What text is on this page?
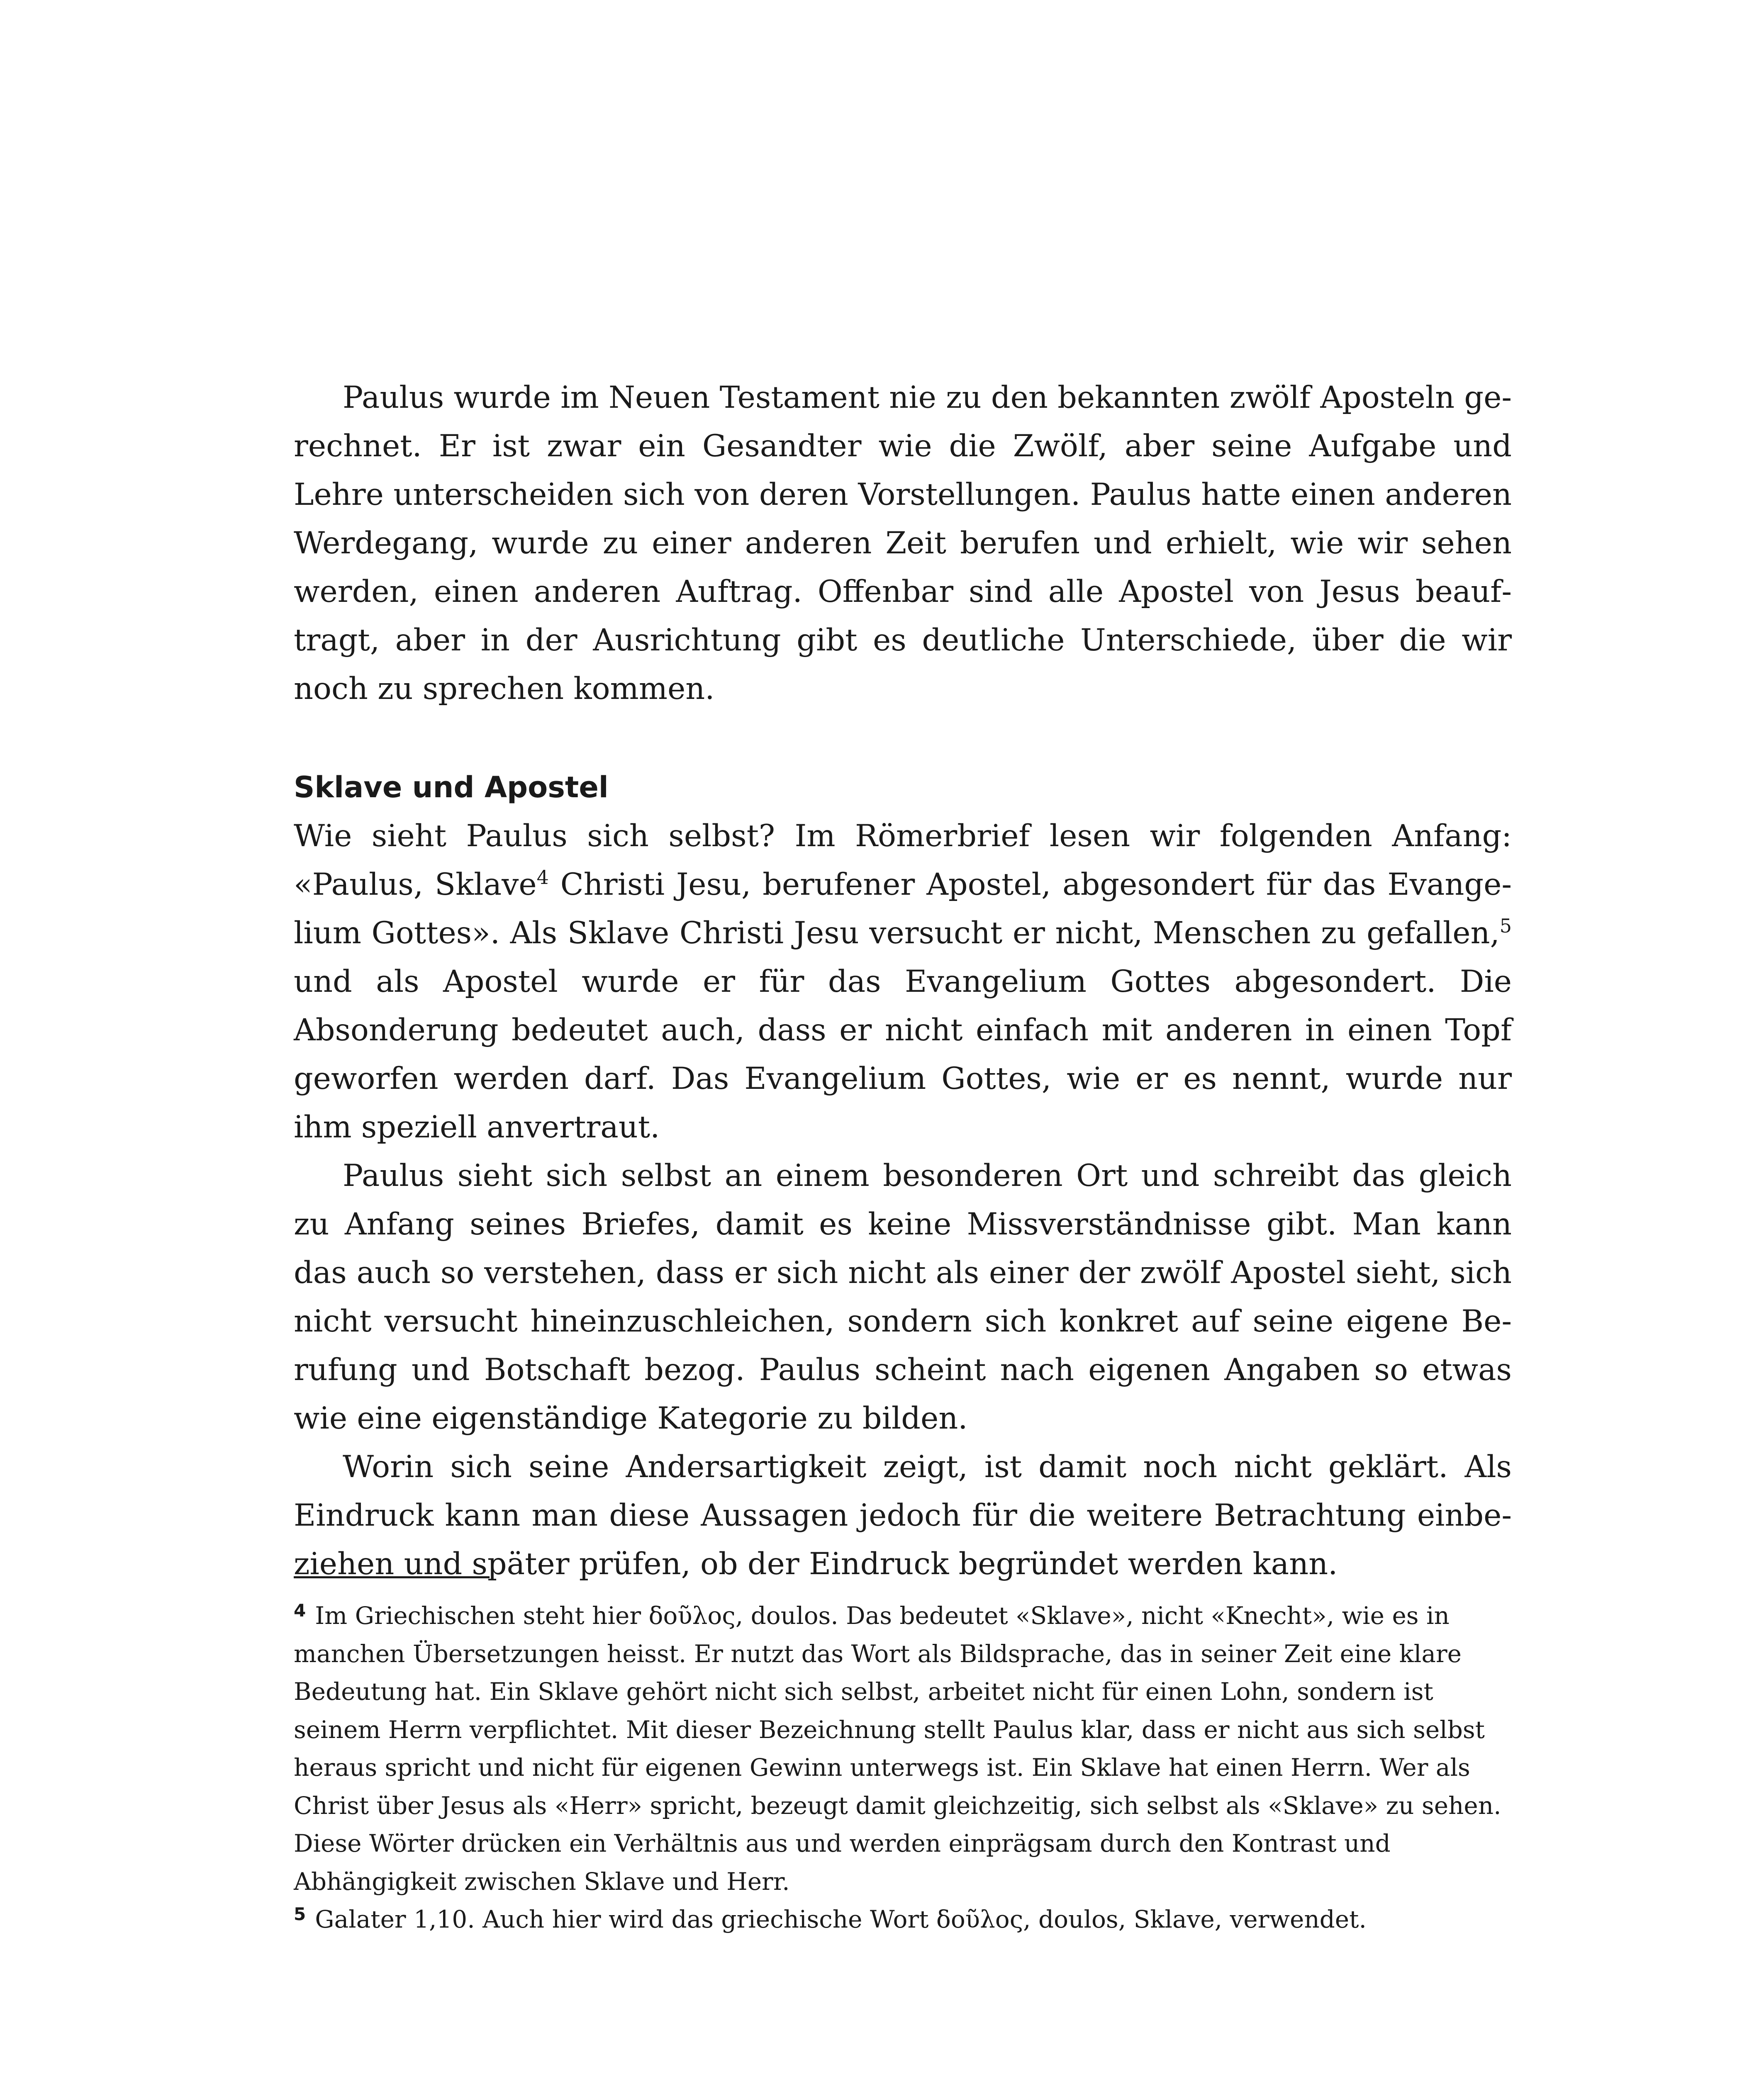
Paulus wurde im Neuen Testament nie zu den bekannten zwölf Aposteln gerechnet. Er ist zwar ein Gesandter wie die Zwölf, aber seine Aufgabe und Lehre unterscheiden sich von deren Vorstellungen. Paulus hatte einen anderen Werdegang, wurde zu einer anderen Zeit berufen und erhielt, wie wir sehen werden, einen anderen Auftrag. Offenbar sind alle Apostel von Jesus beauftragt, aber in der Ausrichtung gibt es deutliche Unterschiede, über die wir noch zu sprechen kommen.

Sklave und Apostel

Wie sieht Paulus sich selbst? Im Römerbrief lesen wir folgenden Anfang: «Paulus, Sklave$^4$ Christi Jesu, berufener Apostel, abgesondert für das Evangelium Gottes». Als Sklave Christi Jesu versucht er nicht, Menschen zu gefallen,$^5$ und als Apostel wurde er für das Evangelium Gottes abgesondert. Die Absonderung bedeutet auch, dass er nicht einfach mit anderen in einen Topf geworfen werden darf. Das Evangelium Gottes, wie er es nennt, wurde nur ihm speziell anvertraut.

Paulus sieht sich selbst an einem besonderen Ort und schreibt das gleich zu Anfang seines Briefes, damit es keine Missverständnisse gibt. Man kann das auch so verstehen, dass er sich nicht als einer der zwölf Apostel sieht, sich nicht versucht hineinzuschleichen, sondern sich konkret auf seine eigene Berufung und Botschaft bezog. Paulus scheint nach eigenen Angaben so etwas wie eine eigenständige Kategorie zu bilden.

Worin sich seine Andersartigkeit zeigt, ist damit noch nicht geklärt. Als Eindruck kann man diese Aussagen jedoch für die weitere Betrachtung einbeziehen und später prüfen, ob der Eindruck begründet werden kann.

$^4$ Im Griechischen steht hier δοῦλος, doulos. Das bedeutet «Sklave», nicht «Knecht», wie es in manchen Übersetzungen heisst. Er nutzt das Wort als Bildsprache, das in seiner Zeit eine klare Bedeutung hat. Ein Sklave gehört nicht sich selbst, arbeitet nicht für einen Lohn, sondern ist seinem Herrn verpflichtet. Mit dieser Bezeichnung stellt Paulus klar, dass er nicht aus sich selbst heraus spricht und nicht für eigenen Gewinn unterwegs ist. Ein Sklave hat einen Herrn. Wer als Christ über Jesus als «Herr» spricht, bezeugt damit gleichzeitig, sich selbst als «Sklave» zu sehen. Diese Wörter drücken ein Verhältnis aus und werden einprägsam durch den Kontrast und Abhängigkeit zwischen Sklave und Herr.

$^5$ Galater 1,10. Auch hier wird das griechische Wort δοῦλος, doulos, Sklave, verwendet.
